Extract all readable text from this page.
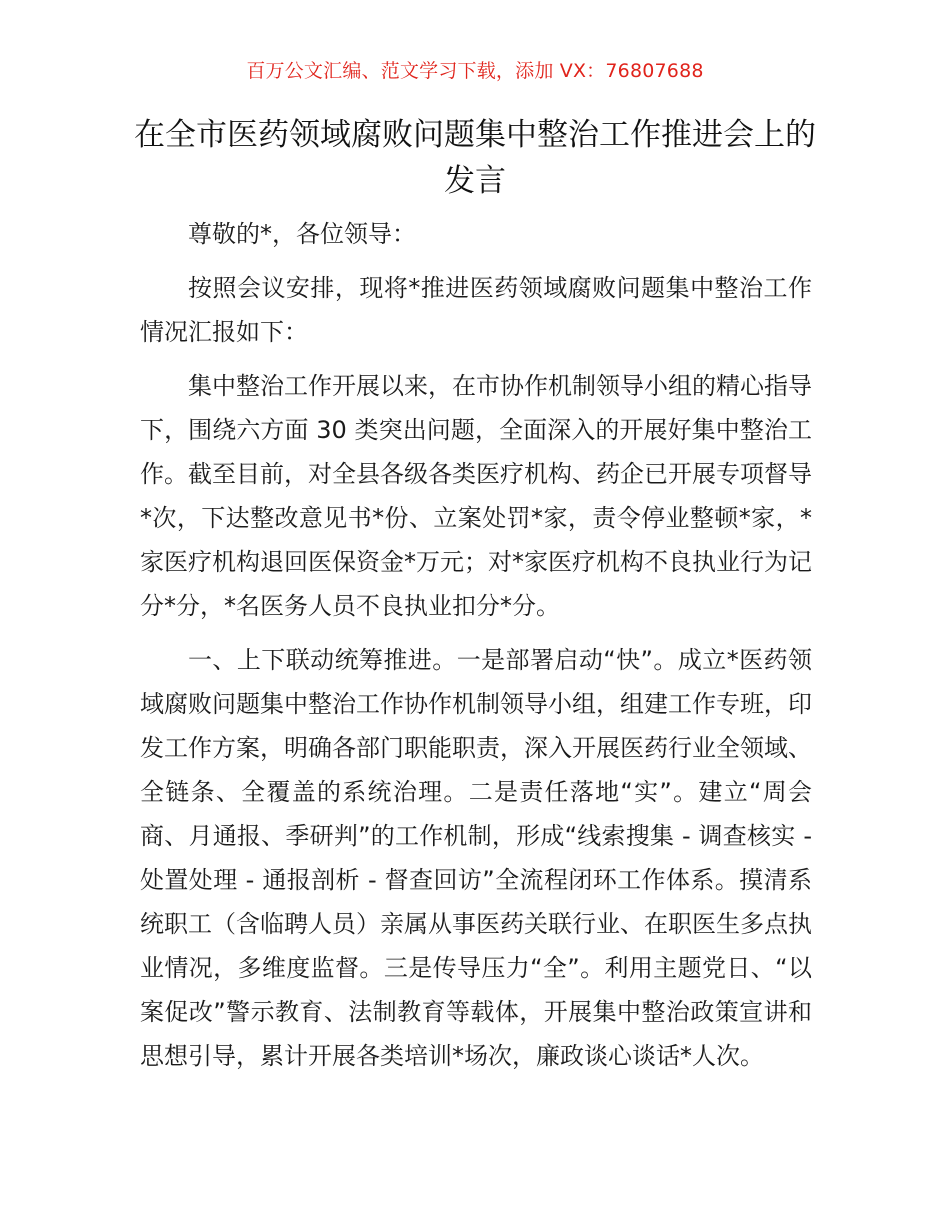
百万公文汇编、范文学习下载，添加 VX：76807688
在全市医药领域腐败问题集中整治工作推进会上的发言

尊敬的*，各位领导：

按照会议安排，现将*推进医药领域腐败问题集中整治工作情况汇报如下：

集中整治工作开展以来，在市协作机制领导小组的精心指导下，围绕六方面 30 类突出问题，全面深入的开展好集中整治工作。截至目前，对全县各级各类医疗机构、药企已开展专项督导*次，下达整改意见书*份、立案处罚*家，责令停业整顿*家，*家医疗机构退回医保资金*万元；对*家医疗机构不良执业行为记分*分，*名医务人员不良执业扣分*分。

一、上下联动统筹推进。一是部署启动“快”。成立*医药领域腐败问题集中整治工作协作机制领导小组，组建工作专班，印发工作方案，明确各部门职能职责，深入开展医药行业全领域、全链条、全覆盖的系统治理。二是责任落地“实”。建立“周会商、月通报、季研判”的工作机制，形成“线索搜集 - 调查核实 - 处置处理 - 通报剖析 - 督查回访”全流程闭环工作体系。摸清系统职工（含临聘人员）亲属从事医药关联行业、在职医生多点执业情况，多维度监督。三是传导压力“全”。利用主题党日、“以案促改”警示教育、法制教育等载体，开展集中整治政策宣讲和思想引导，累计开展各类培训*场次，廉政谈心谈话*人次。
